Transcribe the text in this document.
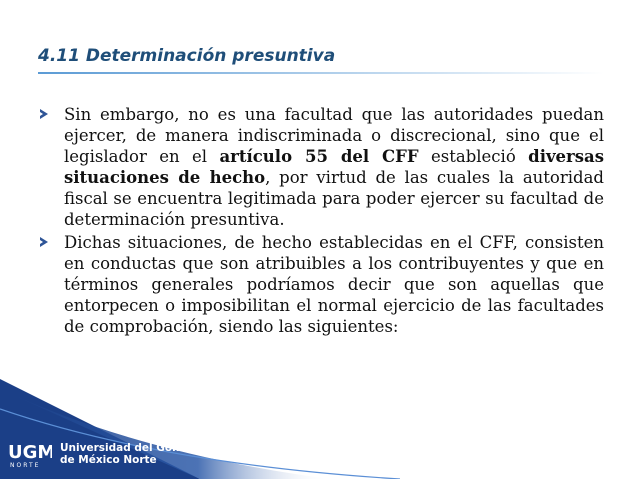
4.11 Determinación presuntiva

Sin embargo, no es una facultad que las autoridades puedan ejercer, de manera indiscriminada o discrecional, sino que el legislador en el artículo 55 del CFF estableció diversas situaciones de hecho, por virtud de las cuales la autoridad fiscal se encuentra legitimada para poder ejercer su facultad de determinación presuntiva.

Dichas situaciones, de hecho establecidas en el CFF, consisten en conductas que son atribuibles a los contribuyentes y que en términos generales podríamos decir que son aquellas que entorpecen o imposibilitan el normal ejercicio de las facultades de comprobación, siendo las siguientes:

UGM
NORTE
Universidad del Golfo
de México Norte
